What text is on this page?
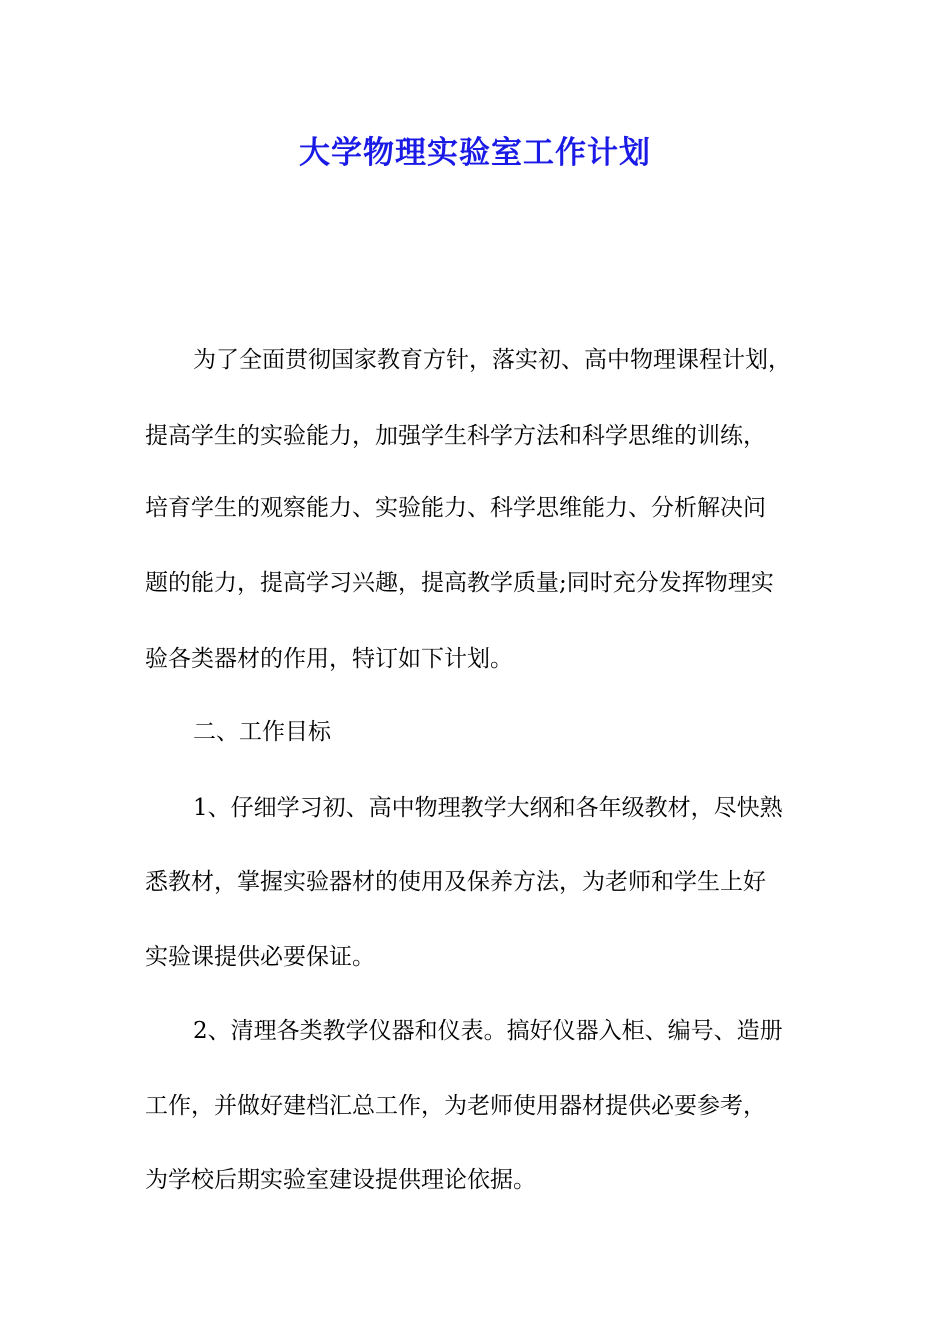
大学物理实验室工作计划

为了全面贯彻国家教育方针，落实初、高中物理课程计划，

提高学生的实验能力，加强学生科学方法和科学思维的训练，

培育学生的观察能力、实验能力、科学思维能力、分析解决问

题的能力，提高学习兴趣，提高教学质量;同时充分发挥物理实

验各类器材的作用，特订如下计划。

二、工作目标

1、仔细学习初、高中物理教学大纲和各年级教材，尽快熟

悉教材，掌握实验器材的使用及保养方法，为老师和学生上好

实验课提供必要保证。

2、清理各类教学仪器和仪表。搞好仪器入柜、编号、造册

工作，并做好建档汇总工作，为老师使用器材提供必要参考，

为学校后期实验室建设提供理论依据。
